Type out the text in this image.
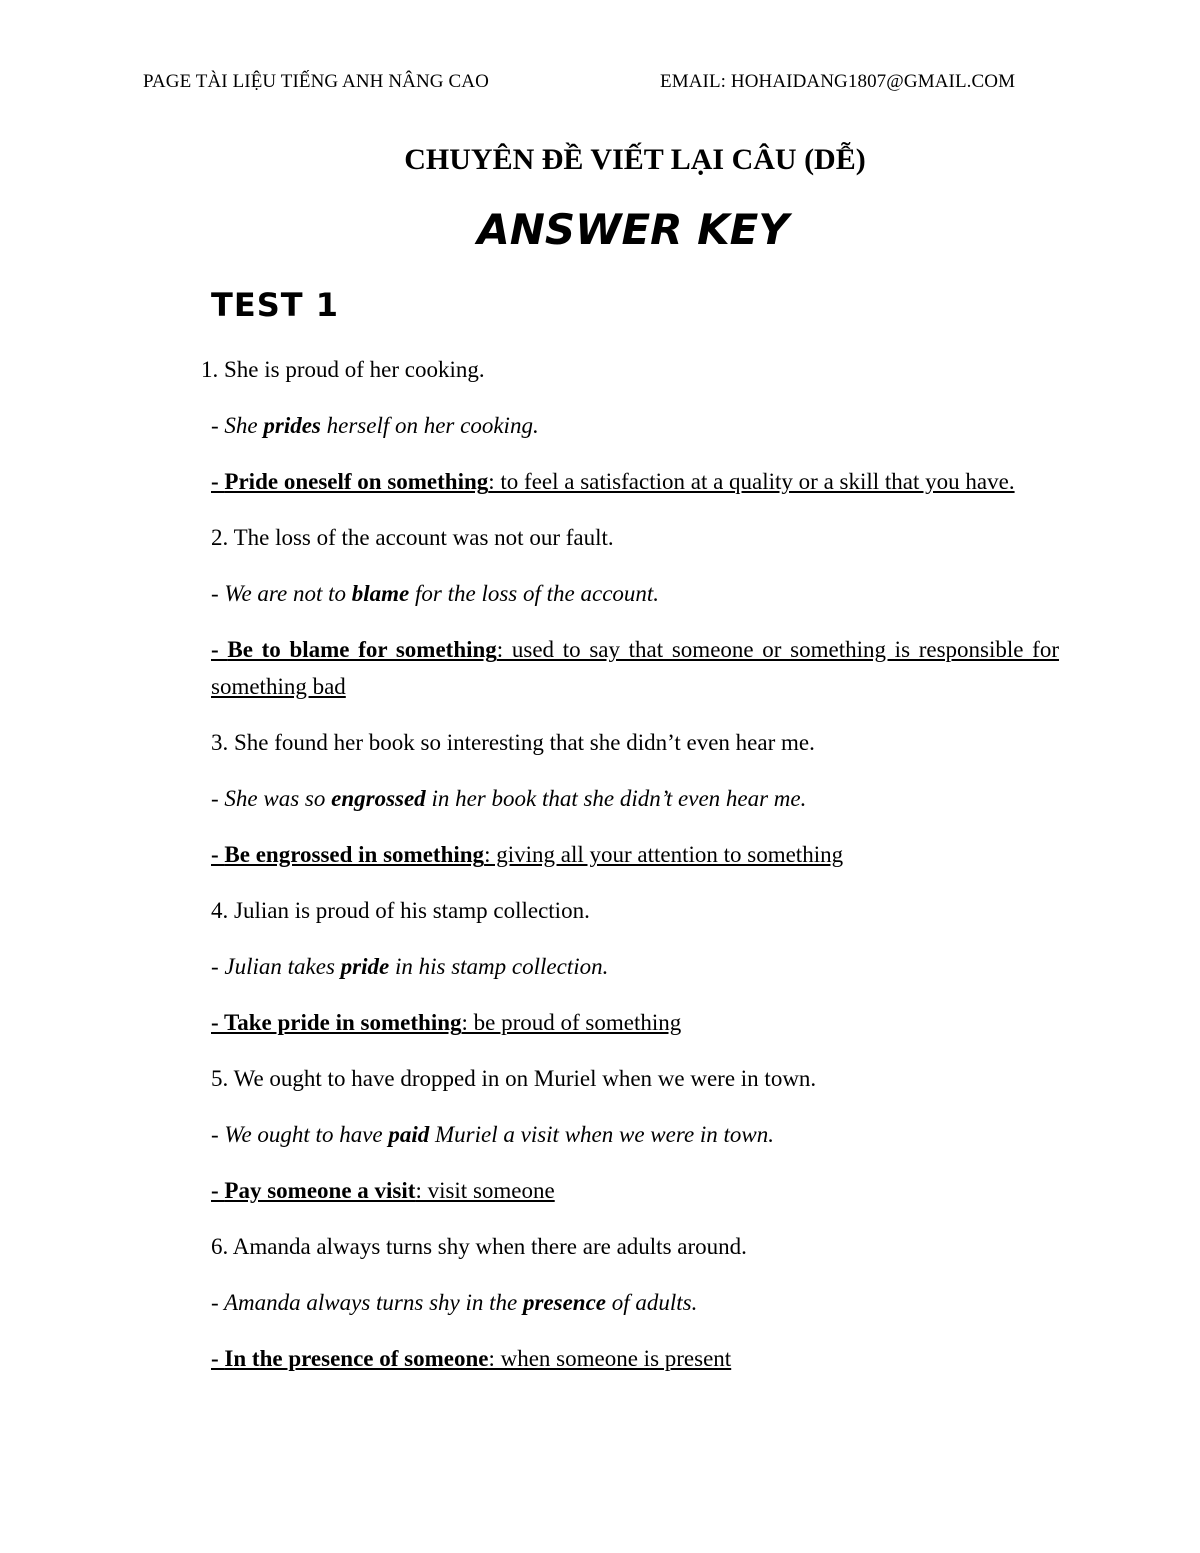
PAGE TÀI LIỆU TIẾNG ANH NÂNG CAO	EMAIL: HOHAIDANG1807@GMAIL.COM
CHUYÊN ĐỀ VIẾT LẠI CÂU (DỄ)
ANSWER KEY
TEST 1

1. She is proud of her cooking.

- She prides herself on her cooking.

- Pride oneself on something: to feel a satisfaction at a quality or a skill that you have.

2. The loss of the account was not our fault.

- We are not to blame for the loss of the account.

- Be to blame for something: used to say that someone or something is responsible for something bad

3. She found her book so interesting that she didn’t even hear me.

- She was so engrossed in her book that she didn’t even hear me.

- Be engrossed in something: giving all your attention to something

4. Julian is proud of his stamp collection.

- Julian takes pride in his stamp collection.

- Take pride in something: be proud of something

5. We ought to have dropped in on Muriel when we were in town.

- We ought to have paid Muriel a visit when we were in town.

- Pay someone a visit: visit someone

6. Amanda always turns shy when there are adults around.

- Amanda always turns shy in the presence of adults.

- In the presence of someone: when someone is present
